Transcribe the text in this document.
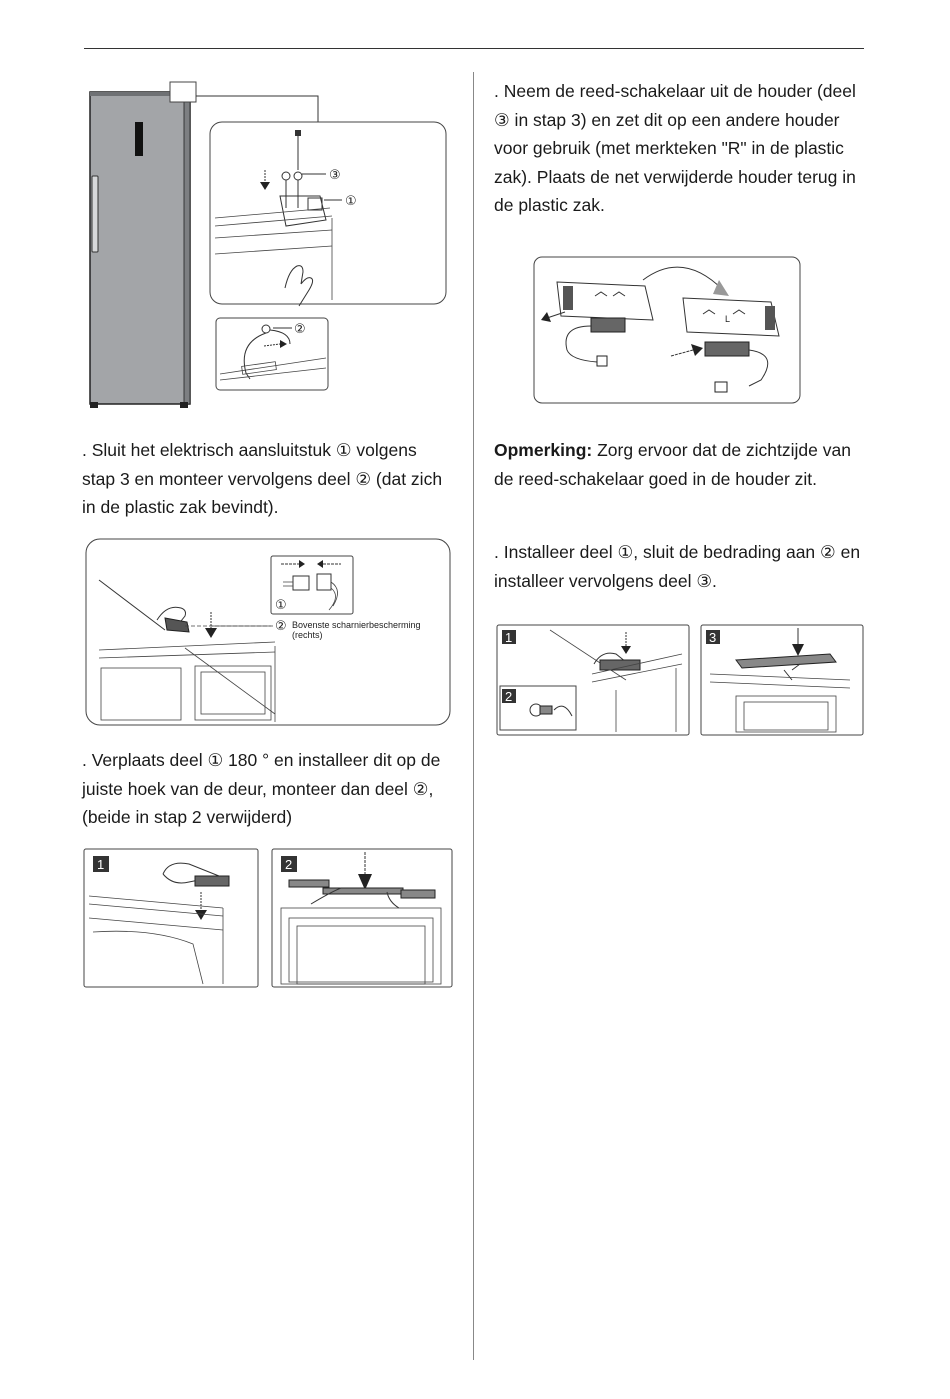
③
①
②

. Sluit het elektrisch aansluitstuk ① volgens stap 3 en monteer vervolgens deel ② (dat zich in de plastic zak bevindt).

①
② Bovenste scharnierbescherming
(rechts)

. Verplaats deel ① 180 ° en installeer dit op de juiste hoek van de deur, monteer dan deel ②, (beide in stap 2 verwijderd)

1	2

. Neem de reed-schakelaar uit de houder (deel ③ in stap 3) en zet dit op een andere houder voor gebruik (met merkteken "R" in de plastic zak). Plaats de net verwijderde houder terug in de plastic zak.

L

Opmerking: Zorg ervoor dat de zichtzijde van de reed-schakelaar goed in de houder zit.

. Installeer deel ①, sluit de bedrading aan ② en installeer vervolgens deel ③.

1
2
3
